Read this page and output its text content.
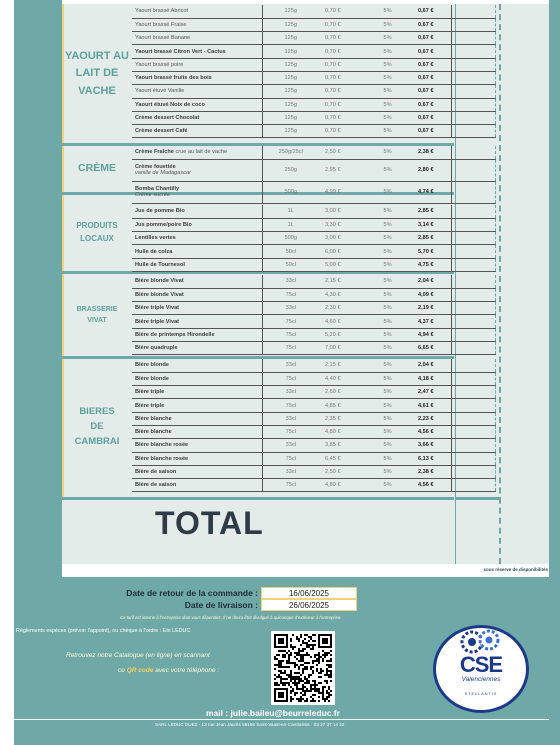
YAOURT AU LAIT DE VACHE
CRÈME
PRODUITS LOCAUX
BRASSERIE VIVAT
BIERES DE CAMBRAI
Yaourt brassé Abricot	125g	0,70 €	5%	0,67 €		
Yaourt brassé Fraise	125g	0,70 €	5%	0,67 €		
Yaourt brassé Banane	125g	0,70 €	5%	0,67 €		
Yaourt brassé Citron Vert - Cactus	125g	0,70 €	5%	0,67 €		
Yaourt brassé poire	125g	0,70 €	5%	0,67 €		
Yaourt brassé fruits des bois	125g	0,70 €	5%	0,67 €		
Yaourt étuvé Vanille	125g	0,70 €	5%	0,67 €		
Yaourt étuvé Noix de coco	125g	0,70 €	5%	0,67 €		
Crème dessert Chocolat	125g	0,70 €	5%	0,67 €		
Crème dessert Café	125g	0,70 €	5%	0,67 €		
Crème Fraîche crue au lait de vache	250g/25cl	2,50 €	5%	2,38 €		
Crème fouettée
vanille de Madagascar	250g	2,95 €	5%	2,80 €		
Bomba Chantilly
Crème sucrée	500g	4,99 €	5%	4,74 €		
Jus de pomme Bio	1L	3,00 €	5%	2,85 €		
Jus pomme/poire Bio	1L	3,30 €	5%	3,14 €		
Lentilles vertes	500g	3,00 €	5%	2,85 €		
Huile de colza	50cl	6,00 €	5%	5,70 €		
Huile de Tournesol	50cl	5,00 €	5%	4,75 €		
Bière blonde Vivat	33cl	2,15 €	5%	2,04 €		
Bière blonde Vivat	75cl	4,30 €	5%	4,09 €		
Bière triple Vivat	33cl	2,30 €	5%	2,19 €		
Bière triple Vivat	75cl	4,60 €	5%	4,37 €		
Bière de printemps Hirondelle	75cl	5,20 €	5%	4,94 €		
Bière quadruple	75cl	7,00 €	5%	6,65 €		
Bière blonde	33cl	2,15 €	5%	2,04 €		
Bière blonde	75cl	4,40 €	5%	4,18 €		
Bière triple	33cl	2,60 €	5%	2,47 €		
Bière triple	75cl	4,85 €	5%	4,61 €		
Bière blanche	33cl	2,35 €	5%	2,23 €		
Bière blanche	75cl	4,80 €	5%	4,56 €		
Bière blanche rosée	33cl	3,85 €	5%	3,66 €		
Bière blanche rosée	75cl	6,45 €	5%	6,13 €		
Bière de saison	33cl	2,50 €	5%	2,38 €		
Bière de saison	75cl	4,80 €	5%	4,56 €		
TOTAL
sous réserve de disponibilités
Date de retour de la commande :	16/06/2025
Date de livraison :	26/06/2025
Ce tarif est interne à l'entreprise dont vous dépendez. Il ne devra être divulgué à quiconque d'extérieur à l'entreprise.
Règlements espèces (prévoir l'appoint), ou chèque à l'ordre : Ets LEDUC
Retrouvez notre Catalogue (en ligne) en scannant
ce QR code avec votre téléphone :
mail : julie.baileu@beurreleduc.fr
SARL LEDUC DUEZ - 13 rue Jean Jaurès 59188 Saint-Vaast-en-Cambrésis - 03 27 37 14 22
CSE
Valenciennes
STELLANTIS
